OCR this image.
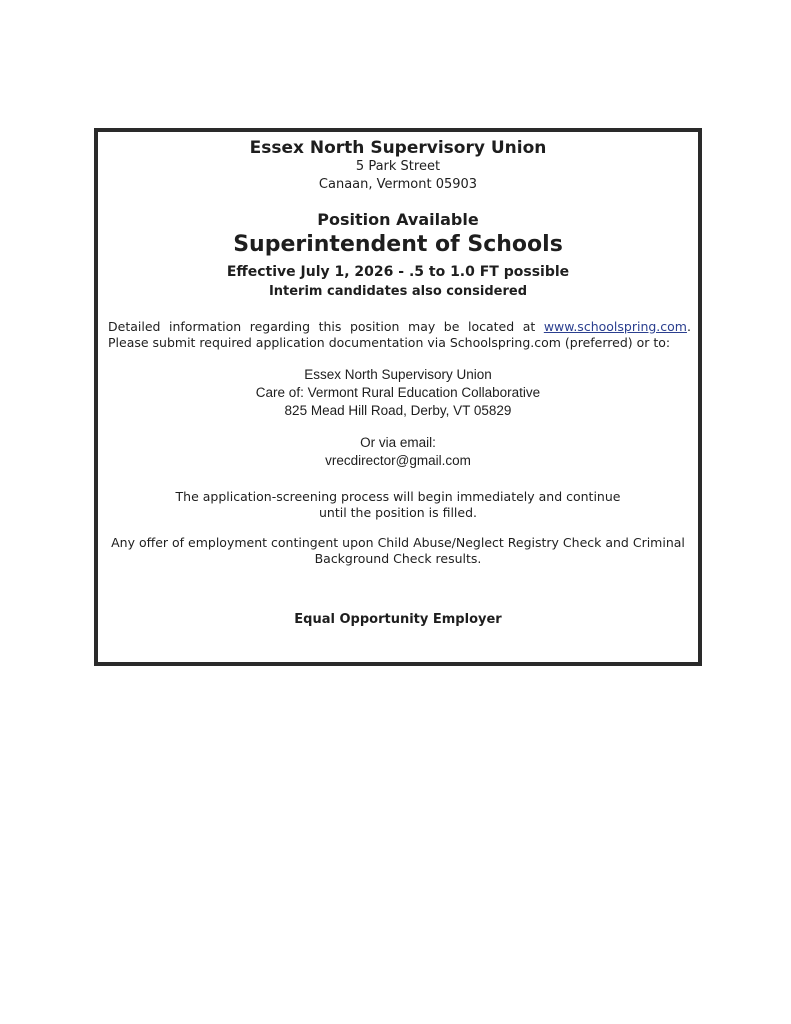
Essex North Supervisory Union
5 Park Street
Canaan, Vermont 05903
Position Available
Superintendent of Schools
Effective July 1, 2026 - .5 to 1.0 FT possible
Interim candidates also considered
Detailed information regarding this position may be located at www.schoolspring.com.
Please submit required application documentation via Schoolspring.com (preferred) or to:
Essex North Supervisory Union
Care of: Vermont Rural Education Collaborative
825 Mead Hill Road, Derby, VT 05829
Or via email:
vrecdirector@gmail.com
The application-screening process will begin immediately and continue
until the position is filled.
Any offer of employment contingent upon Child Abuse/Neglect Registry Check and Criminal
Background Check results.
Equal Opportunity Employer
